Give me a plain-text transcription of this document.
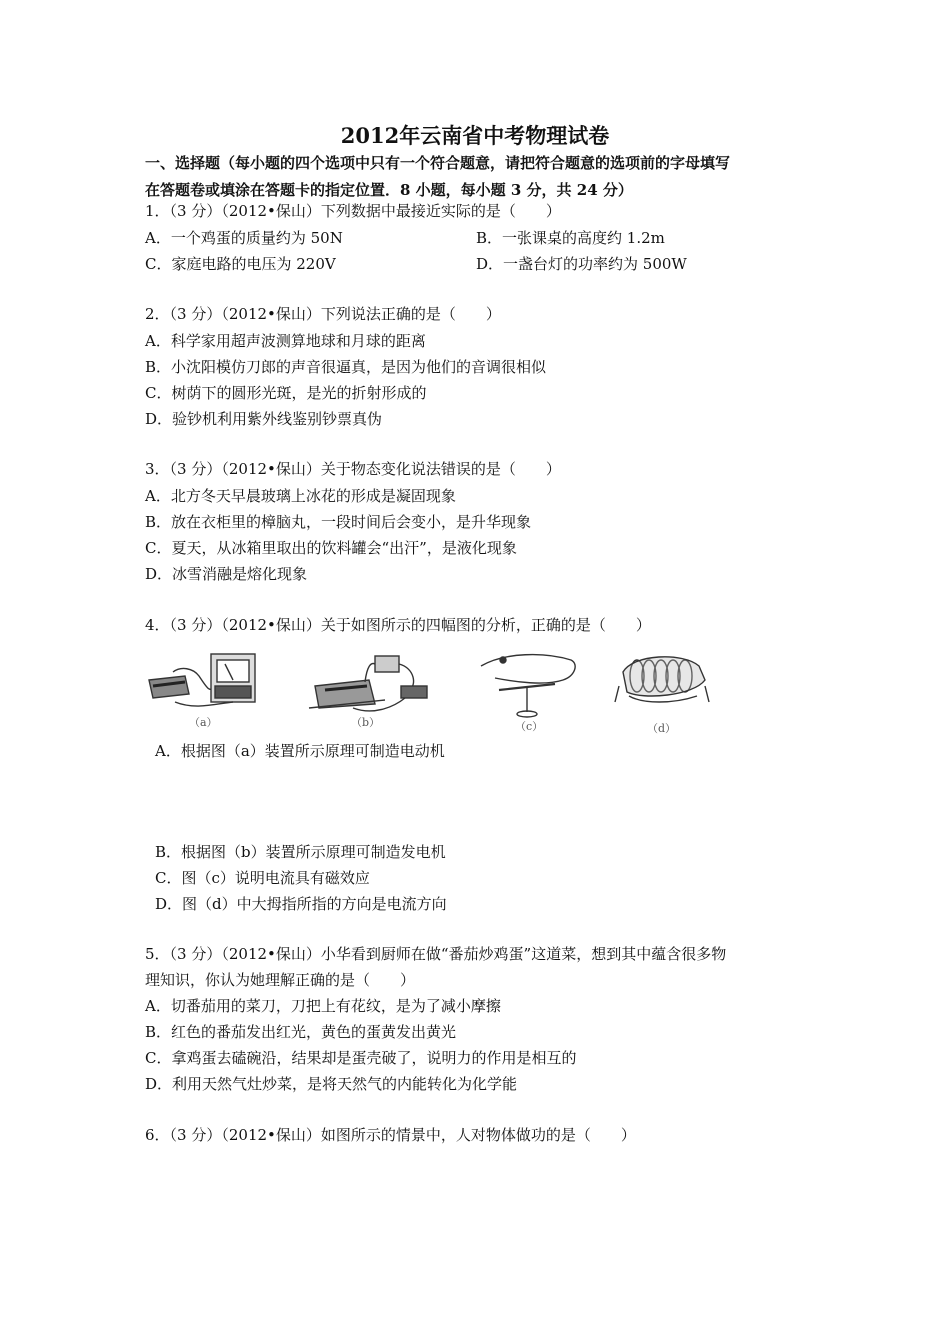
2012年云南省中考物理试卷
一、选择题（每小题的四个选项中只有一个符合题意，请把符合题意的选项前的字母填写
在答题卷或填涂在答题卡的指定位置．8 小题，每小题 3 分，共 24 分）
1．（3 分）（2012•保山）下列数据中最接近实际的是（　　）
A．一个鸡蛋的质量约为 50N	B．一张课桌的高度约 1.2m
C．家庭电路的电压为 220V	D．一盏台灯的功率约为 500W
2．（3 分）（2012•保山）下列说法正确的是（　　）
A．科学家用超声波测算地球和月球的距离
B．小沈阳模仿刀郎的声音很逼真，是因为他们的音调很相似
C．树荫下的圆形光斑，是光的折射形成的
D．验钞机利用紫外线鉴别钞票真伪
3．（3 分）（2012•保山）关于物态变化说法错误的是（　　）
A．北方冬天早晨玻璃上冰花的形成是凝固现象
B．放在衣柜里的樟脑丸，一段时间后会变小，是升华现象
C．夏天，从冰箱里取出的饮料罐会“出汗”，是液化现象
D．冰雪消融是熔化现象
4．（3 分）（2012•保山）关于如图所示的四幅图的分析，正确的是（　　）
（a）	（b）	（c）	（d）
A．根据图（a）装置所示原理可制造电动机
B．根据图（b）装置所示原理可制造发电机
C．图（c）说明电流具有磁效应
D．图（d）中大拇指所指的方向是电流方向
5．（3 分）（2012•保山）小华看到厨师在做“番茄炒鸡蛋”这道菜，想到其中蕴含很多物
理知识，你认为她理解正确的是（　　）
A．切番茄用的菜刀，刀把上有花纹，是为了减小摩擦
B．红色的番茄发出红光，黄色的蛋黄发出黄光
C．拿鸡蛋去磕碗沿，结果却是蛋壳破了，说明力的作用是相互的
D．利用天然气灶炒菜，是将天然气的内能转化为化学能
6．（3 分）（2012•保山）如图所示的情景中，人对物体做功的是（　　）
